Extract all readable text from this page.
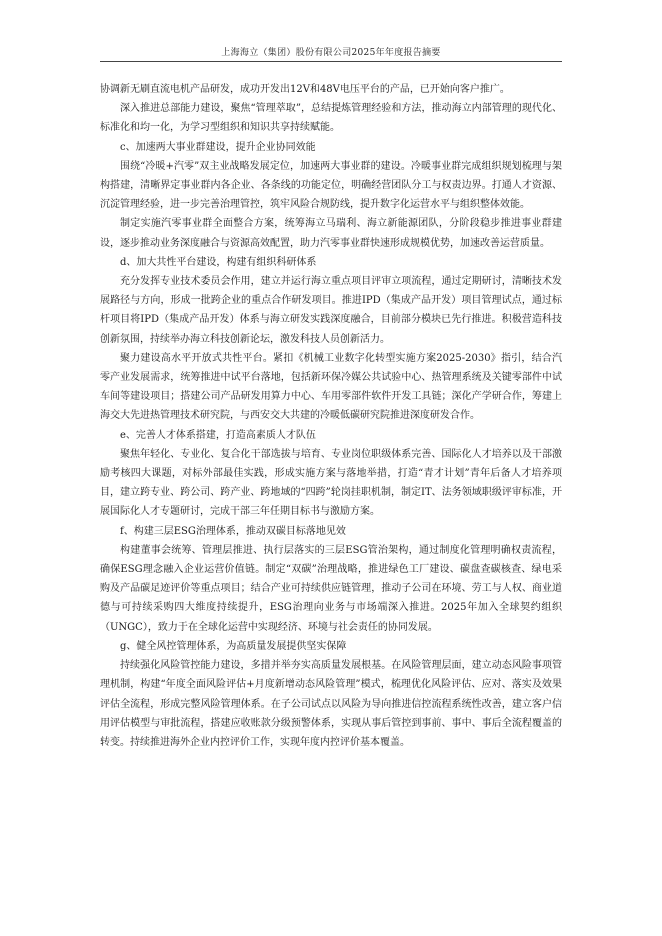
上海海立（集团）股份有限公司2025年年度报告摘要

协调新无刷直流电机产品研发，成功开发出12V和48V电压平台的产品，已开始向客户推广。

深入推进总部能力建设，聚焦“管理萃取”，总结提炼管理经验和方法，推动海立内部管理的现代化、标准化和均一化，为学习型组织和知识共享持续赋能。

c、加速两大事业群建设，提升企业协同效能

围绕“冷暖+汽零”双主业战略发展定位，加速两大事业群的建设。冷暖事业群完成组织规划梳理与架构搭建，清晰界定事业群内各企业、各条线的功能定位，明确经营团队分工与权责边界。打通人才资源、沉淀管理经验，进一步完善治理管控，筑牢风险合规防线，提升数字化运营水平与组织整体效能。

制定实施汽零事业群全面整合方案，统筹海立马瑞利、海立新能源团队，分阶段稳步推进事业群建设，逐步推动业务深度融合与资源高效配置，助力汽零事业群快速形成规模优势，加速改善运营质量。

d、加大共性平台建设，构建有组织科研体系

充分发挥专业技术委员会作用，建立并运行海立重点项目评审立项流程，通过定期研讨，清晰技术发展路径与方向，形成一批跨企业的重点合作研发项目。推进IPD（集成产品开发）项目管理试点，通过标杆项目将IPD（集成产品开发）体系与海立研发实践深度融合，目前部分模块已先行推进。积极营造科技创新氛围，持续举办海立科技创新论坛，激发科技人员创新活力。

聚力建设高水平开放式共性平台。紧扣《机械工业数字化转型实施方案2025-2030》指引，结合汽零产业发展需求，统筹推进中试平台落地，包括新环保冷媒公共试验中心、热管理系统及关键零部件中试车间等建设项目；搭建公司产品研发用算力中心、车用零部件软件开发工具链；深化产学研合作，筹建上海交大先进热管理技术研究院，与西安交大共建的冷暖低碳研究院推进深度研发合作。

e、完善人才体系搭建，打造高素质人才队伍

聚焦年轻化、专业化、复合化干部选拔与培育、专业岗位职级体系完善、国际化人才培养以及干部激励考核四大课题，对标外部最佳实践，形成实施方案与落地举措，打造“青才计划”青年后备人才培养项目，建立跨专业、跨公司、跨产业、跨地域的“四跨”轮岗挂职机制，制定IT、法务领域职级评审标准，开展国际化人才专题研讨，完成干部三年任期目标书与激励方案。

f、构建三层ESG治理体系，推动双碳目标落地见效

构建董事会统筹、管理层推进、执行层落实的三层ESG管治架构，通过制度化管理明确权责流程，确保ESG理念融入企业运营价值链。制定“双碳”治理战略，推进绿色工厂建设、碳盘查碳核查、绿电采购及产品碳足迹评价等重点项目；结合产业可持续供应链管理，推动子公司在环境、劳工与人权、商业道德与可持续采购四大维度持续提升，ESG治理向业务与市场端深入推进。2025年加入全球契约组织（UNGC），致力于在全球化运营中实现经济、环境与社会责任的协同发展。

g、健全风控管理体系，为高质量发展提供坚实保障

持续强化风险管控能力建设，多措并举夯实高质量发展根基。在风险管理层面，建立动态风险事项管理机制，构建“年度全面风险评估+月度新增动态风险管理”模式，梳理优化风险评估、应对、落实及效果评估全流程，形成完整风险管理体系。在子公司试点以风险为导向推进信控流程系统性改善，建立客户信用评估模型与审批流程，搭建应收账款分级预警体系，实现从事后管控到事前、事中、事后全流程覆盖的转变。持续推进海外企业内控评价工作，实现年度内控评价基本覆盖。
